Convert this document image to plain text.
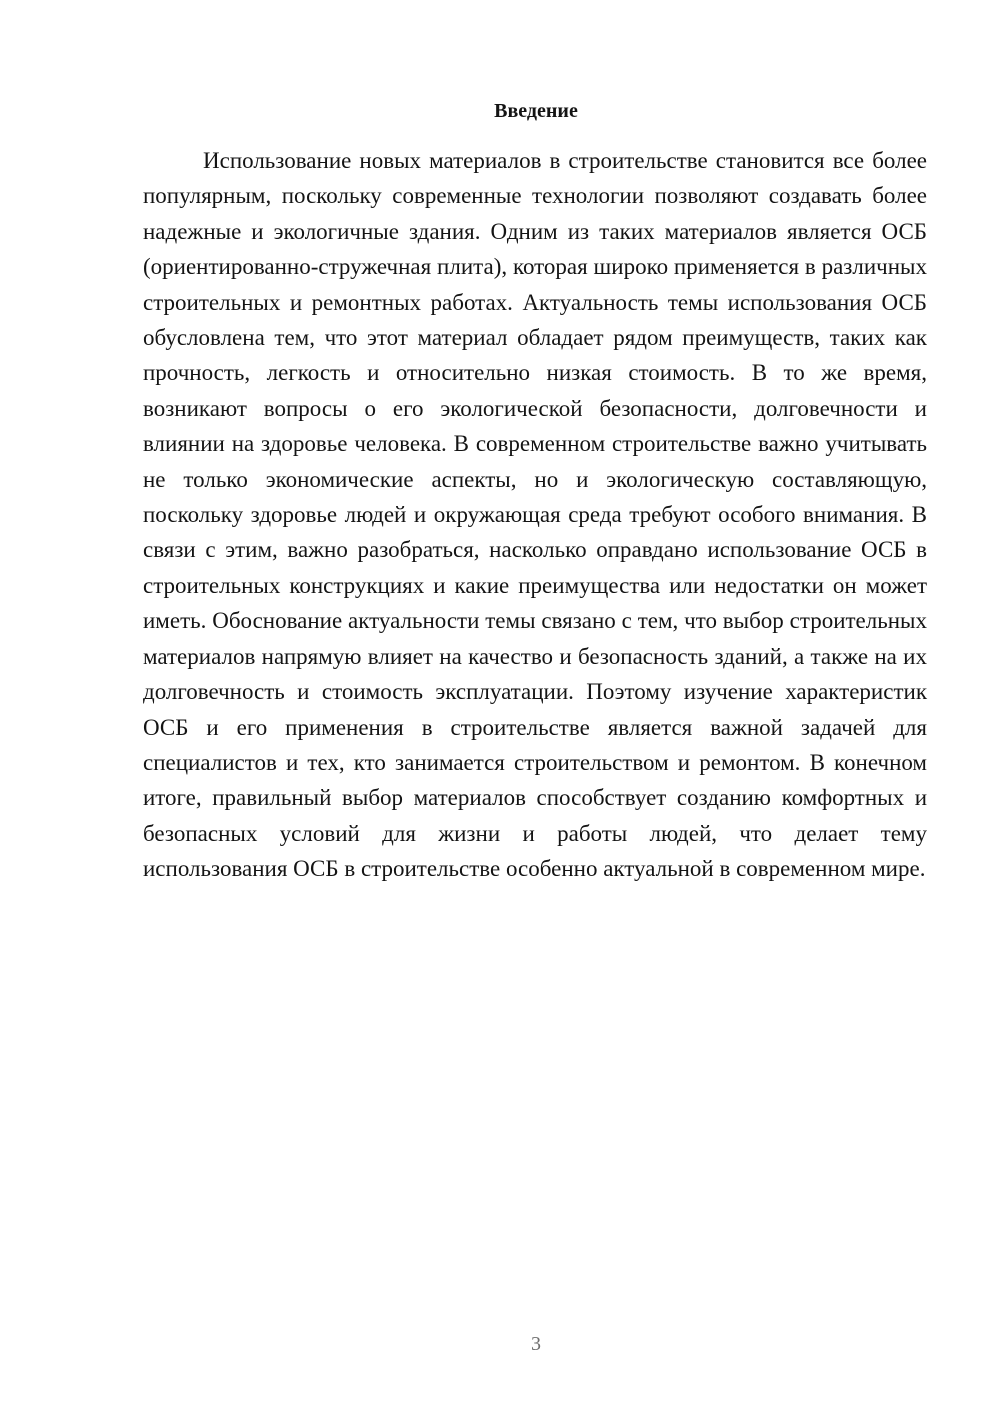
Введение

Использование новых материалов в строительстве становится все более популярным, поскольку современные технологии позволяют создавать более надежные и экологичные здания. Одним из таких материалов является ОСБ (ориентированно-стружечная плита), которая широко применяется в различных строительных и ремонтных работах. Актуальность темы использования ОСБ обусловлена тем, что этот материал обладает рядом преимуществ, таких как прочность, легкость и относительно низкая стоимость. В то же время, возникают вопросы о его экологической безопасности, долговечности и влиянии на здоровье человека. В современном строительстве важно учитывать не только экономические аспекты, но и экологическую составляющую, поскольку здоровье людей и окружающая среда требуют особого внимания. В связи с этим, важно разобраться, насколько оправдано использование ОСБ в строительных конструкциях и какие преимущества или недостатки он может иметь. Обоснование актуальности темы связано с тем, что выбор строительных материалов напрямую влияет на качество и безопасность зданий, а также на их долговечность и стоимость эксплуатации. Поэтому изучение характеристик ОСБ и его применения в строительстве является важной задачей для специалистов и тех, кто занимается строительством и ремонтом. В конечном итоге, правильный выбор материалов способствует созданию комфортных и безопасных условий для жизни и работы людей, что делает тему использования ОСБ в строительстве особенно актуальной в современном мире.

3
